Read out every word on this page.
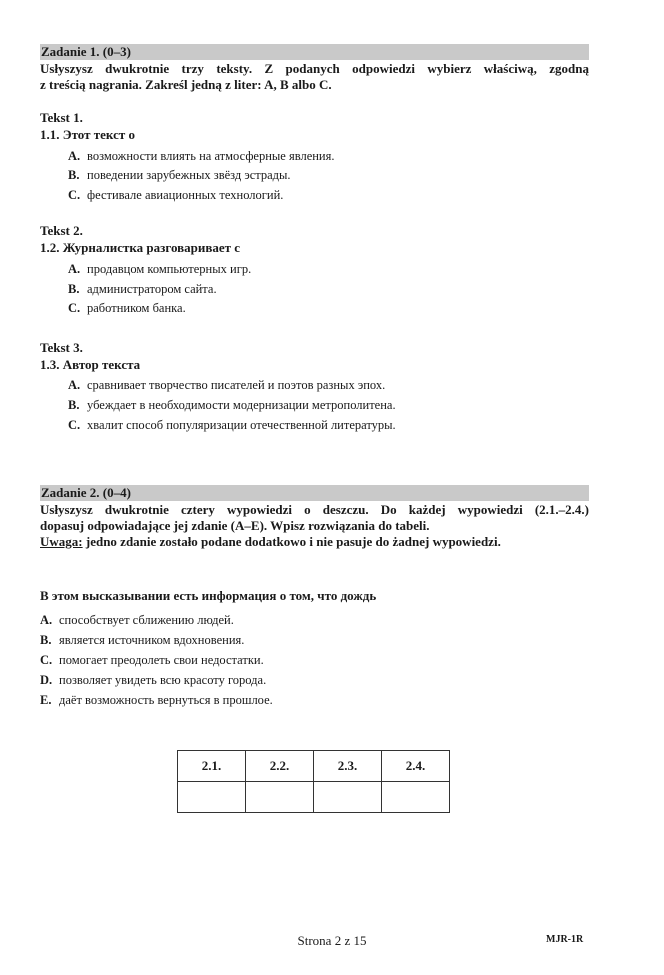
Zadanie 1. (0–3)
Usłyszysz dwukrotnie trzy teksty. Z podanych odpowiedzi wybierz właściwą, zgodną
z treścią nagrania. Zakreśl jedną z liter: A, B albo C.
Tekst 1.
1.1. Этот текст о
A. возможности влиять на атмосферные явления.
B. поведении зарубежных звёзд эстрады.
C. фестивале авиационных технологий.
Tekst 2.
1.2. Журналистка разговаривает с
A. продавцом компьютерных игр.
B. администратором сайта.
C. работником банка.
Tekst 3.
1.3. Автор текста
A. сравнивает творчество писателей и поэтов разных эпох.
B. убеждает в необходимости модернизации метрополитена.
C. хвалит способ популяризации отечественной литературы.
Zadanie 2. (0–4)
Usłyszysz dwukrotnie cztery wypowiedzi o deszczu. Do każdej wypowiedzi (2.1.–2.4.)
dopasuj odpowiadające jej zdanie (A–E). Wpisz rozwiązania do tabeli.
Uwaga: jedno zdanie zostało podane dodatkowo i nie pasuje do żadnej wypowiedzi.
В этом высказывании есть информация о том, что дождь
A. способствует сближению людей.
B. является источником вдохновения.
C. помогает преодолеть свои недостатки.
D. позволяет увидеть всю красоту города.
E. даёт возможность вернуться в прошлое.
2.1.	2.2.	2.3.	2.4.

Strona 2 z 15	MJR-1R
